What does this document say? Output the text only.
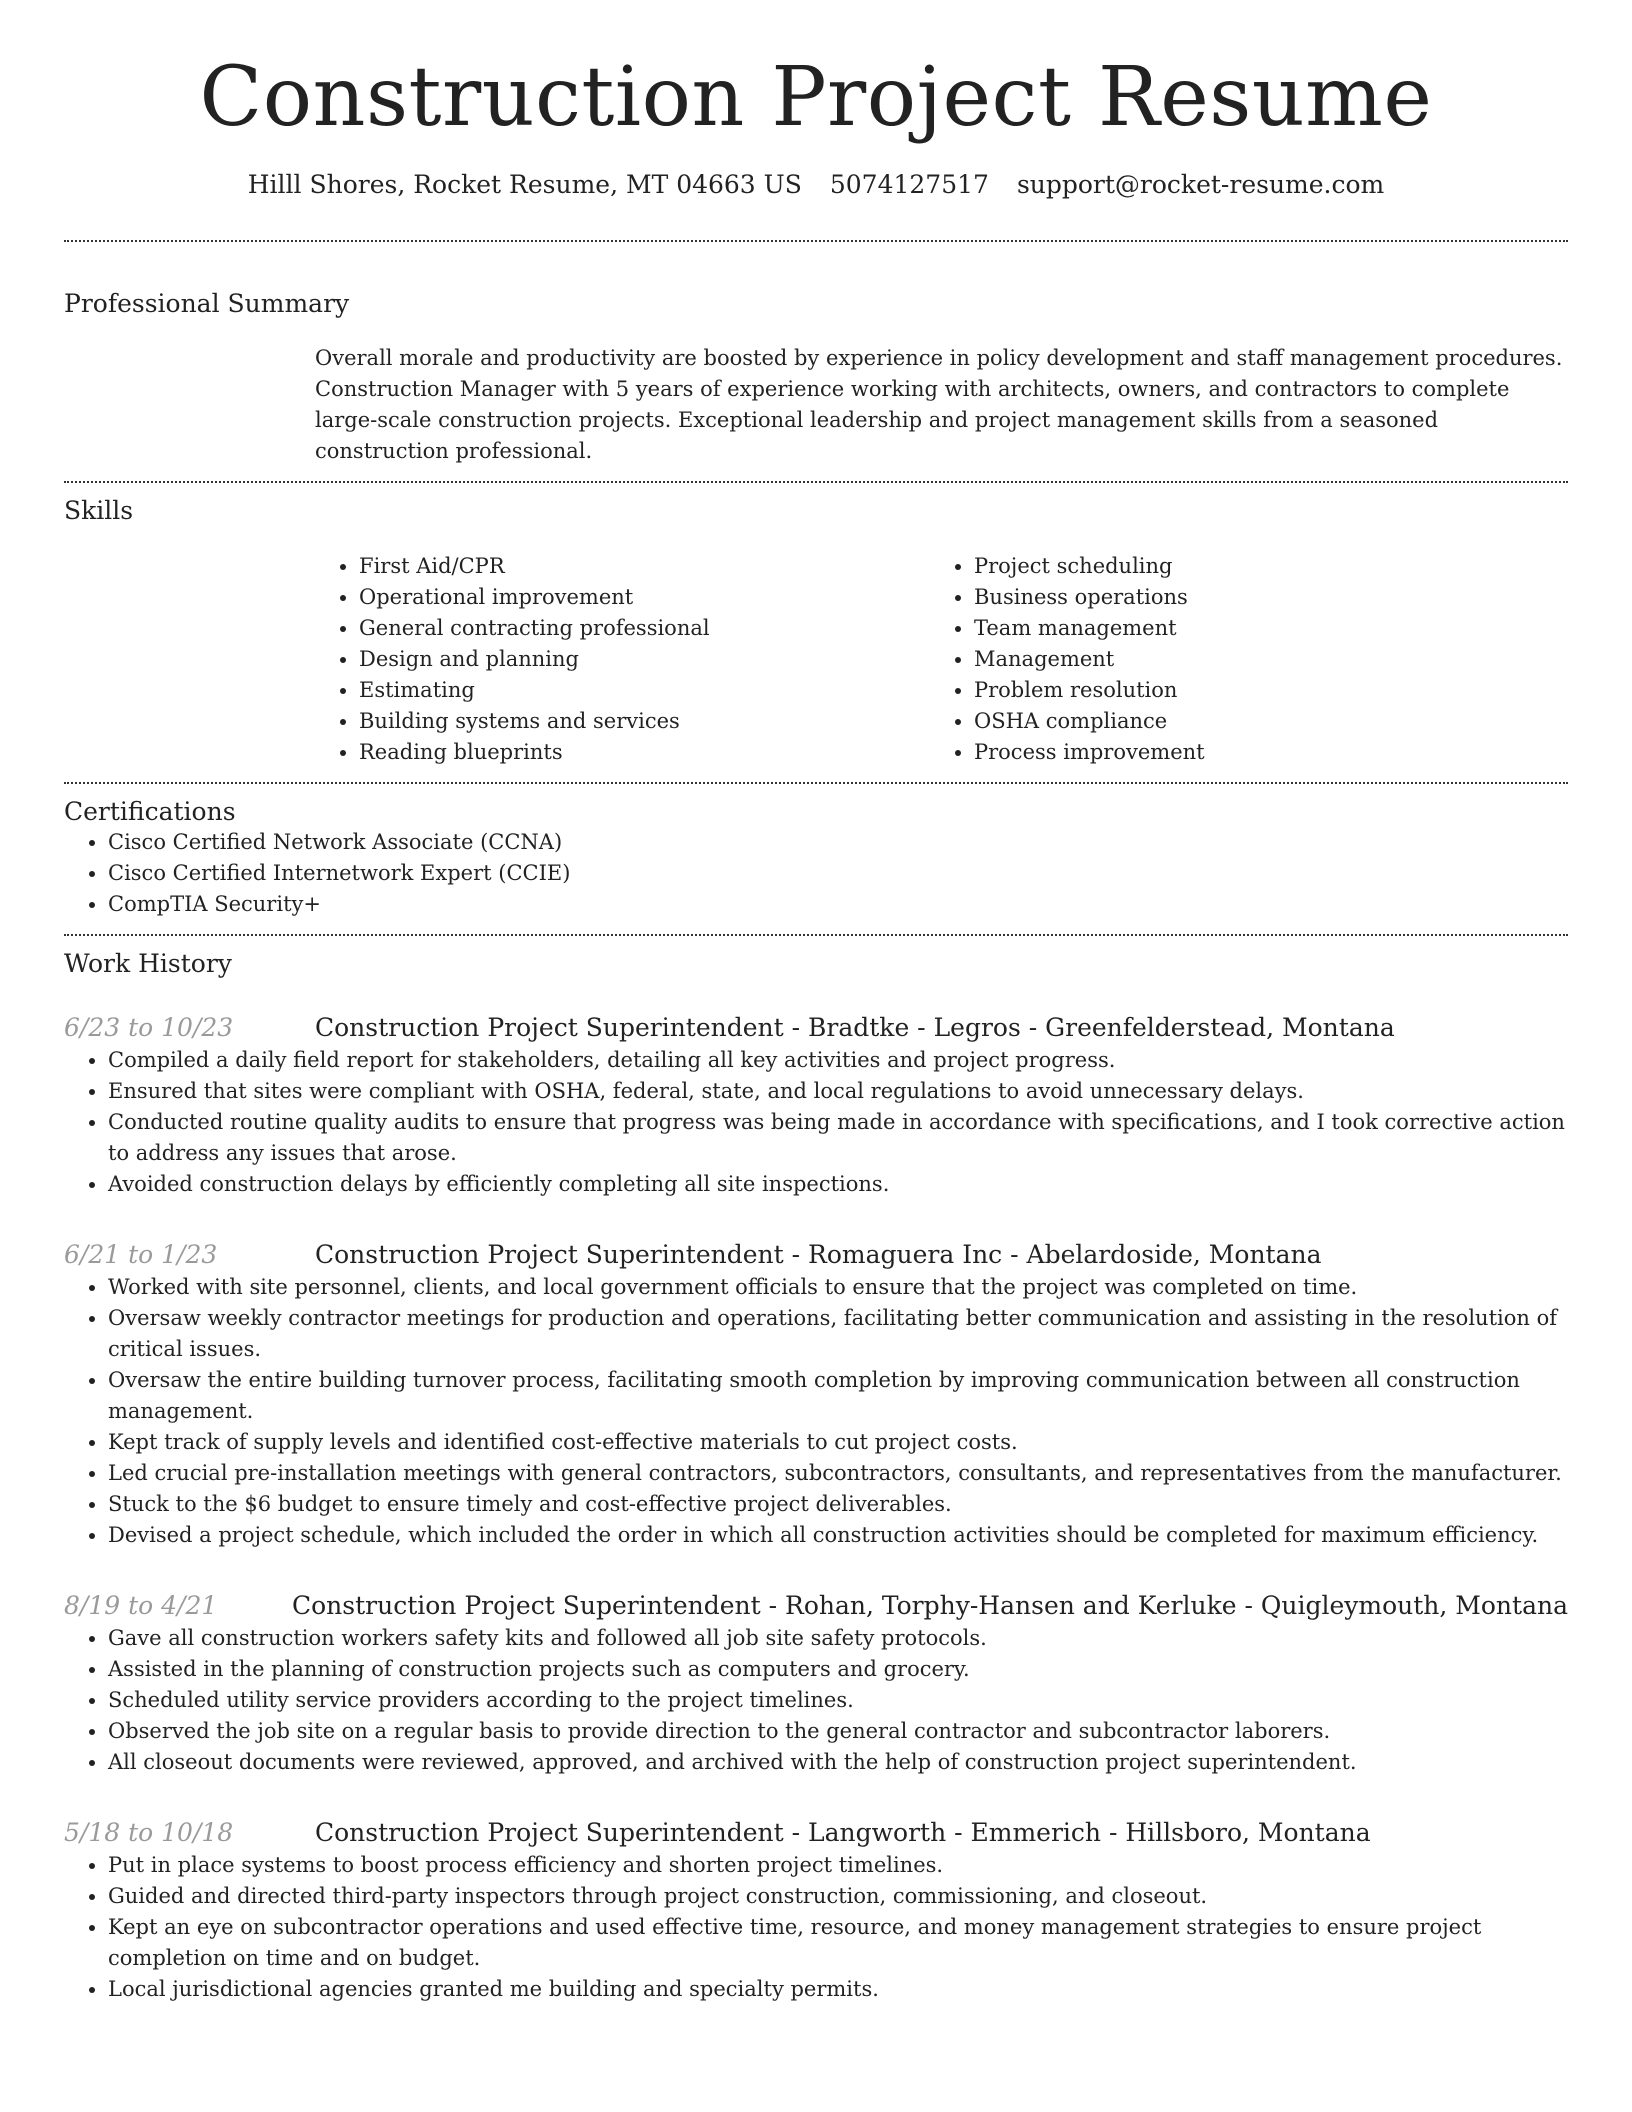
Construction Project Resume
Hilll Shores, Rocket Resume, MT 04663 US 5074127517 support@rocket-resume.com
Professional Summary
Overall morale and productivity are boosted by experience in policy development and staff management procedures. Construction Manager with 5 years of experience working with architects, owners, and contractors to complete large-scale construction projects. Exceptional leadership and project management skills from a seasoned construction professional.
Skills
• First Aid/CPR
• Operational improvement
• General contracting professional
• Design and planning
• Estimating
• Building systems and services
• Reading blueprints
• Project scheduling
• Business operations
• Team management
• Management
• Problem resolution
• OSHA compliance
• Process improvement
Certifications
• Cisco Certified Network Associate (CCNA)
• Cisco Certified Internetwork Expert (CCIE)
• CompTIA Security+
Work History
6/23 to 10/23	Construction Project Superintendent - Bradtke - Legros - Greenfelderstead, Montana
• Compiled a daily field report for stakeholders, detailing all key activities and project progress.
• Ensured that sites were compliant with OSHA, federal, state, and local regulations to avoid unnecessary delays.
• Conducted routine quality audits to ensure that progress was being made in accordance with specifications, and I took corrective action to address any issues that arose.
• Avoided construction delays by efficiently completing all site inspections.
6/21 to 1/23	Construction Project Superintendent - Romaguera Inc - Abelardoside, Montana
• Worked with site personnel, clients, and local government officials to ensure that the project was completed on time.
• Oversaw weekly contractor meetings for production and operations, facilitating better communication and assisting in the resolution of critical issues.
• Oversaw the entire building turnover process, facilitating smooth completion by improving communication between all construction management.
• Kept track of supply levels and identified cost-effective materials to cut project costs.
• Led crucial pre-installation meetings with general contractors, subcontractors, consultants, and representatives from the manufacturer.
• Stuck to the $6 budget to ensure timely and cost-effective project deliverables.
• Devised a project schedule, which included the order in which all construction activities should be completed for maximum efficiency.
8/19 to 4/21	Construction Project Superintendent - Rohan, Torphy-Hansen and Kerluke - Quigleymouth, Montana
• Gave all construction workers safety kits and followed all job site safety protocols.
• Assisted in the planning of construction projects such as computers and grocery.
• Scheduled utility service providers according to the project timelines.
• Observed the job site on a regular basis to provide direction to the general contractor and subcontractor laborers.
• All closeout documents were reviewed, approved, and archived with the help of construction project superintendent.
5/18 to 10/18	Construction Project Superintendent - Langworth - Emmerich - Hillsboro, Montana
• Put in place systems to boost process efficiency and shorten project timelines.
• Guided and directed third-party inspectors through project construction, commissioning, and closeout.
• Kept an eye on subcontractor operations and used effective time, resource, and money management strategies to ensure project completion on time and on budget.
• Local jurisdictional agencies granted me building and specialty permits.
